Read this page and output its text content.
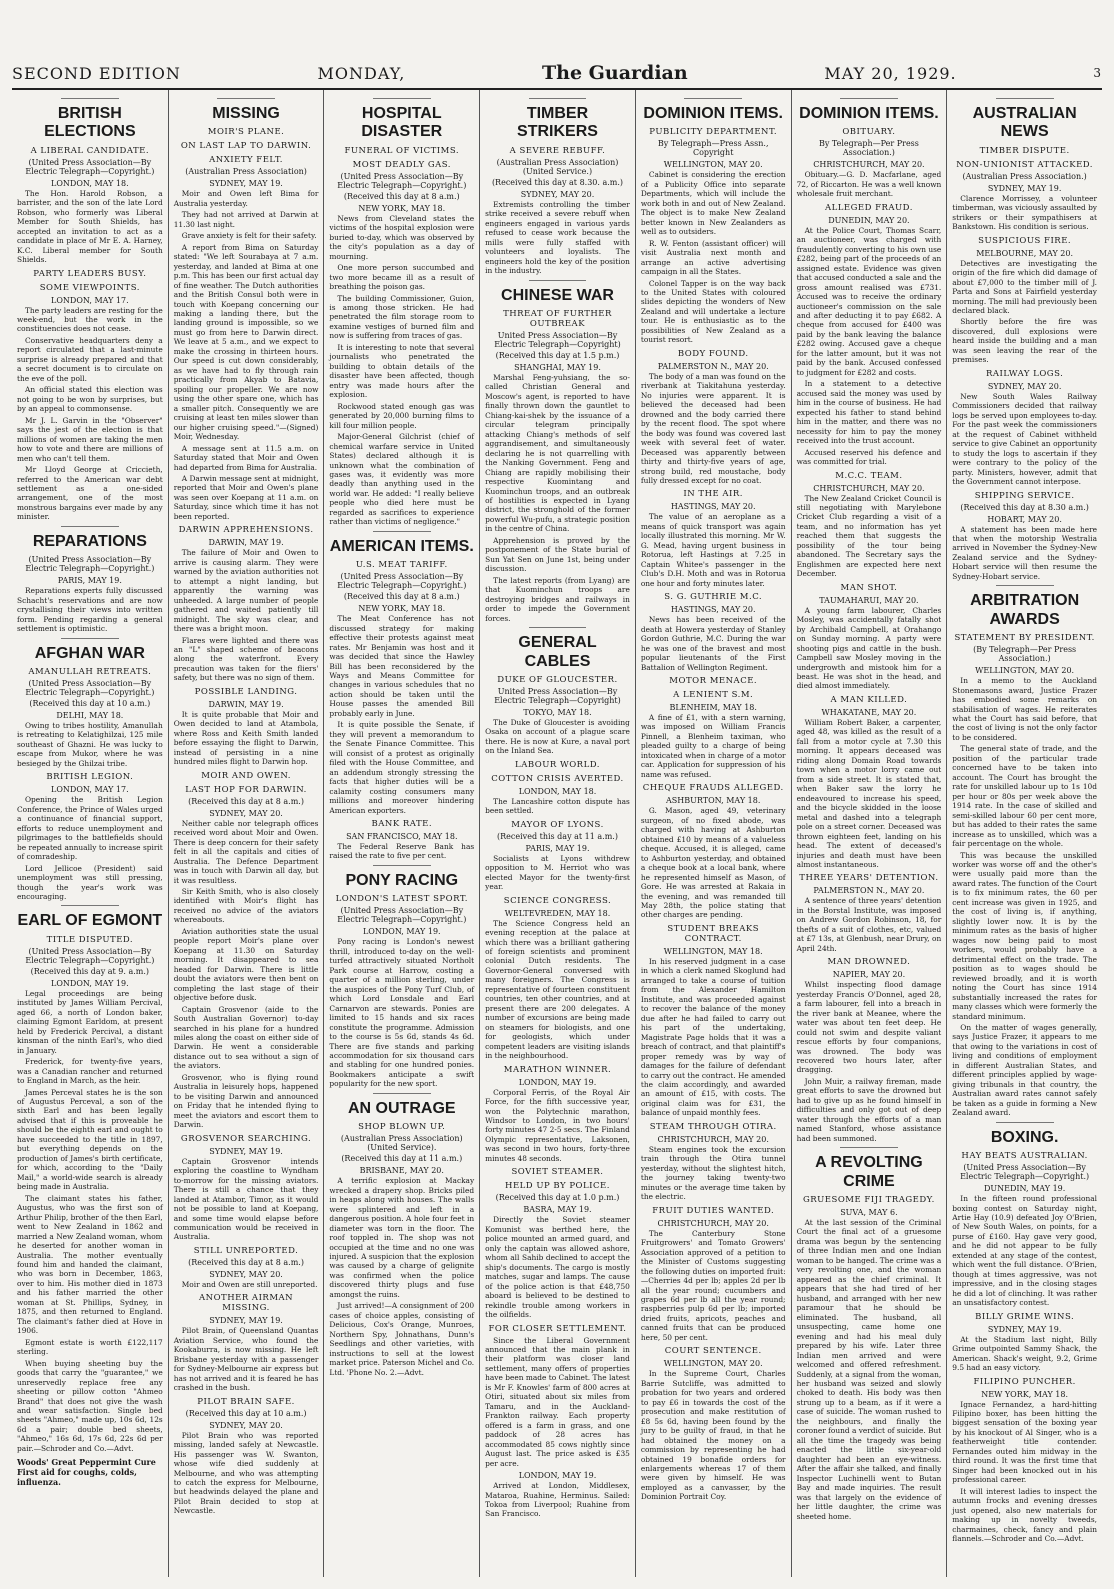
SECOND EDITION	MONDAY,	The Guardian	MAY 20, 1929.	3
BRITISH ELECTIONS
A LIBERAL CANDIDATE.
(United Press Association—By Electric Telegraph—Copyright.)
LONDON, MAY 18.

The Hon. Harold Robson, a barrister, and the son of the late Lord Robson, who formerly was Liberal Member for South Shields, has accepted an invitation to act as a candidate in place of Mr E. A. Harney, K.C. Liberal member for South Shields.

PARTY LEADERS BUSY.
SOME VIEWPOINTS.
LONDON, MAY 17.

The party leaders are resting for the week-end, but the work in the constituencies does not cease.

Conservative headquarters deny a report circulated that a last-minute surprise is already prepared and that a secret document is to circulate on the eve of the poll.

An official stated this election was not going to be won by surprises, but by an appeal to commonsense.

Mr J. L. Garvin in the "Observer" says the jest of the election is that millions of women are taking the men how to vote and there are millions of men who can't tell them.

Mr Lloyd George at Criccieth, referred to the American war debt settlement as a one-sided arrangement, one of the most monstrous bargains ever made by any minister.

REPARATIONS
(United Press Association—By Electric Telegraph—Copyright.)
PARIS, MAY 19.

Reparations experts fully discussed Schacht's reservations and are now crystallising their views into written form. Pending regarding a general settlement is optimistic.

AFGHAN WAR
AMANULLAH RETREATS.
(United Press Association—By Electric Telegraph—Copyright.)
(Received this day at 10 a.m.)
DELHI, MAY 18.

Owing to tribes hostility, Amanullah is retreating to Kelatighilzai, 125 mile southeast of Ghazni. He was lucky to escape from Mukor, where he was besieged by the Ghilzai tribe.

BRITISH LEGION.
LONDON, MAY 17.

Opening the British Legion Conference, the Prince of Wales urged a continuance of financial support, efforts to reduce unemployment and pilgrimages to the battlefields should be repeated annually to increase spirit of comradeship.

Lord Jellicoe (President) said unemployment was still pressing, though the year's work was encouraging.

EARL OF EGMONT
TITLE DISPUTED.
(United Press Association—By Electric Telegraph—Copyright.)
(Received this day at 9. a.m.)
LONDON, MAY 19.

Legal proceedings are being instituted by James William Percival, aged 66, a north of London baker, claiming Egmont Earldom, at present held by Frederick Percival, a distant kinsman of the ninth Earl's, who died in January.

Frederick, for twenty-five years, was a Canadian rancher and returned to England in March, as the heir.

James Perceval states he is the son of Augustus Perceval, a son of the sixth Earl and has been legally advised that if this is proveable he should be the eighth earl and ought to have succeeded to the title in 1897, but everything depends on the production of James's birth certificate, for which, according to the "Daily Mail," a world-wide search is already being made in Australia.

The claimant states his father, Augustus, who was the first son of Arthur Philip, brother of the then Earl, went to New Zealand in 1862 and married a New Zealand woman, whom he deserted for another woman in Australia. The mother eventually found him and handed the claimant, who was born in December, 1863, over to him. His mother died in 1873 and his father married the other woman at St. Phillips, Sydney, in 1875, and then returned to England. The claimant's father died at Hove in 1906.

Egmont estate is worth £122,117 sterling.

When buying sheeting buy the goods that carry the "guarantee," we unreservedly replace free any sheeting or pillow cotton "Ahmeo Brand" that does not give the wash and wear satisfaction. Single bed sheets "Ahmeo," made up, 10s 6d, 12s 6d a pair; double bed sheets, "Ahmeo," 16s 6d, 17s 6d, 22s 6d per pair.—Schroder and Co.—Advt.

Woods' Great Peppermint Cure First aid for coughs, colds, influenza.
MISSING
MOIR'S PLANE.
ON LAST LAP TO DARWIN.
ANXIETY FELT.
(Australian Press Association)
SYDNEY, MAY 19.

Moir and Owen left Bima for Australia yesterday.

They had not arrived at Darwin at 11.30 last night.

Grave anxiety is felt for their safety.

A report from Bima on Saturday stated: "We left Sourabaya at 7 a.m. yesterday, and landed at Bima at one p.m. This has been our first actual day of fine weather. The Dutch authorities and the British Consul both were in touch with Koepang concerning our making a landing there, but the landing ground is impossible, so we must go from here to Darwin direct. We leave at 5 a.m., and we expect to make the crossing in thirteen hours. Our speed is cut down considerably, as we have had to fly through rain practically from Akyab to Batavia, spoiling our propeller. We are now using the other spare one, which has a smaller pitch. Consequently we are cruising at least ten miles slower than our higher cruising speed."—(Signed) Moir, Wednesday.

A message sent at 11.5 a.m. on Saturday stated that Moir and Owen had departed from Bima for Australia.

A Darwin message sent at midnight, reported that Moir and Owen's plane was seen over Koepang at 11 a.m. on Saturday, since which time it has not been reported.

DARWIN APPREHENSIONS.
DARWIN, MAY 19.

The failure of Moir and Owen to arrive is causing alarm. They were warned by the aviation authorities not to attempt a night landing, but apparently the warning was unheeded. A large number of people gathered and waited patiently till midnight. The sky was clear, and there was a bright moon.

Flares were lighted and there was an "L" shaped scheme of beacons along the waterfront. Every precaution was taken for the fliers' safety, but there was no sign of them.

POSSIBLE LANDING.
DARWIN, MAY 19.

It is quite probable that Moir and Owen decided to land at Atambola, where Ross and Keith Smith landed before essaying the flight to Darwin, instead of persisting in a nine hundred miles flight to Darwin hop.

MOIR AND OWEN.
LAST HOP FOR DARWIN.
(Received this day at 8 a.m.)
SYDNEY, MAY 20.

Neither cable nor telegraph offices received word about Moir and Owen. There is deep concern for their safety felt in all the capitals and cities of Australia. The Defence Department was in touch with Darwin all day, but it was resultless.

Sir Keith Smith, who is also closely identified with Moir's flight has received no advice of the aviators whereabouts.

Aviation authorities state the usual people report Moir's plane over Koepang at 11.30 on Saturday morning. It disappeared to sea headed for Darwin. There is little doubt the aviators were then bent on completing the last stage of their objective before dusk.

Captain Grosvenor (aide to the South Australian Governor) to-day searched in his plane for a hundred miles along the coast on either side of Darwin. He went a considerable distance out to sea without a sign of the aviators.

Grosvenor, who is flying round Australia in leisurely hops, happened to be visiting Darwin and announced on Friday that he intended flying to meet the aviators and escort them to Darwin.

GROSVENOR SEARCHING.
SYDNEY, MAY 19.

Captain Grosvenor intends exploring the coastline to Wyndham to-morrow for the missing aviators. There is still a chance that they landed at Atambor, Timor, as it would not be possible to land at Koepang, and some time would elapse before communication would be received in Australia.

STILL UNREPORTED.
(Received this day at 8 a.m.)
SYDNEY, MAY 20.

Moir and Owen are still unreported.

ANOTHER AIRMAN MISSING.
SYDNEY, MAY 19.

Pilot Brain, of Queensland Quantas Aviation Service, who found the Kookaburra, is now missing. He left Brisbane yesterday with a passenger for Sydney-Melbourne air express but has not arrived and it is feared he has crashed in the bush.

PILOT BRAIN SAFE.
(Received this day at 10 a.m.)
SYDNEY, MAY 20.

Pilot Brain who was reported missing, landed safely at Newcastle. His passenger was W. Swanton, whose wife died suddenly at Melbourne, and who was attempting to catch the express for Melbourne, but headwinds delayed the plane and Pilot Brain decided to stop at Newcastle.

HOSPITAL DISASTER
FUNERAL OF VICTIMS.
MOST DEADLY GAS.
(United Press Association—By Electric Telegraph—Copyright.)
(Received this day at 8 a.m.)
NEW YORK, MAY 18.

News from Cleveland states the victims of the hospital explosion were buried to-day, which was observed by the city's population as a day of mourning.

One more person succumbed and two more became ill as a result of breathing the poison gas.

The building Commissioner, Guion, is among those stricken. He had penetrated the film storage room to examine vestiges of burned film and now is suffering from traces of gas.

It is interesting to note that several journalists who penetrated the building to obtain details of the disaster have been affected, though entry was made hours after the explosion.

Rockwood stated enough gas was generated by 20,000 burning films to kill four million people.

Major-General Gilchrist (chief of chemical warfare service in United States) declared although it is unknown what the combination of gases was, it evidently was more deadly than anything used in the world war. He added: "I really believe people who died here must be regarded as sacrifices to experience rather than victims of negligence."

AMERICAN ITEMS.
U.S. MEAT TARIFF.
(United Press Association—By Electric Telegraph—Copyright.)
(Received this day at 8 a.m.)
NEW YORK, MAY 18.

The Meat Conference has not discussed strategy for making effective their protests against meat rates. Mr Benjamin was host and it was decided that since the Hawley Bill has been reconsidered by the Ways and Means Committee for changes in various schedules that no action should be taken until the House passes the amended Bill probably early in June.

It is quite possible the Senate, if they will prevent a memorandum to the Senate Finance Committee. This will consist of a protest as originally filed with the House Committee, and an addendum strongly stressing the facts that higher duties will be a calamity costing consumers many millions and moreover hindering American exporters.

BANK RATE.
SAN FRANCISCO, MAY 18.

The Federal Reserve Bank has raised the rate to five per cent.

PONY RACING
LONDON'S LATEST SPORT.
(United Press Association—By Electric Telegraph—Copyright.)
LONDON, MAY 19.

Pony racing is London's newest thrill, introduced to-day on the well-turfed attractively situated Northolt Park course at Harrow, costing a quarter of a million sterling, under the auspices of the Pony Turf Club, of which Lord Lonsdale and Earl Carnarvon are stewards. Ponies are limited to 15 hands and six races constitute the programme. Admission to the course is 5s 6d, stands 4s 6d. There are five stands and parking accommodation for six thousand cars and stabling for one hundred ponies. Bookmakers anticipate a swift popularity for the new sport.

AN OUTRAGE
SHOP BLOWN UP.
(Australian Press Association) (United Service).
(Received this day at 11 a.m.)
BRISBANE, MAY 20.

A terrific explosion at Mackay wrecked a drapery shop. Bricks piled in heaps along with houses. The walls were splintered and left in a dangerous position. A hole four feet in diameter was torn in the floor. The roof toppled in. The shop was not occupied at the time and no one was injured. A suspicion that the explosion was caused by a charge of gelignite was confirmed when the police discovered thirty plugs and fuse amongst the ruins.

Just arrived!—A consignment of 200 cases of choice apples, consisting of Delicious, Cox's Orange, Munroes, Northern Spy, Johnathans, Dunn's Seedlings and other varieties, with instructions to sell at the lowest market price. Paterson Michel and Co. Ltd. 'Phone No. 2.—Advt.

TIMBER STRIKERS
A SEVERE REBUFF.
(Australian Press Association) (United Service.)
(Received this day at 8.30. a.m.)
SYDNEY, MAY 20.

Extremists controlling the timber strike received a severe rebuff when engineers engaged in various yards refused to cease work because the mills were fully staffed with volunteers and loyalists. The engineers hold the key of the position in the industry.

CHINESE WAR
THREAT OF FURTHER OUTBREAK
United Press Association—By Electric Telegraph—Copyright)
(Received this day at 1.5 p.m.)
SHANGHAI, MAY 19.

Marshal Feng-yuhsiang, the so-called Christian General and Moscow's agent, is reported to have finally thrown down the gauntlet to Chiang-kai-shek by the issuance of a circular telegram principally attacking Chiang's methods of self aggrandisement, and simultaneously declaring he is not quarrelling with the Nanking Government. Feng and Chiang are rapidly mobilising their respective Kuomintang and Kuominchun troops, and an outbreak of hostilities is expected in Lyang district, the stronghold of the former powerful Wu-pufu, a strategic position in the centre of China.

Apprehension is proved by the postponement of the State burial of Sun Yat Sen on June 1st, being under discussion.

The latest reports (from Lyang) are that Kuominchun troops are destroying bridges and railways in order to impede the Government forces.

GENERAL CABLES
DUKE OF GLOUCESTER.
United Press Association—By Electric Telegraph—Copyright)
TOKYO, MAY 18.

The Duke of Gloucester is avoiding Osaka on account of a plague scare there. He is now at Kure, a naval port on the Inland Sea.

LABOUR WORLD.
COTTON CRISIS AVERTED.
LONDON, MAY 18.

The Lancashire cotton dispute has been settled.

MAYOR OF LYONS.
(Received this day at 11 a.m.)
PARIS, MAY 19.

Socialists at Lyons withdrew opposition to M. Herriot who was elected Mayor for the twenty-first year.

SCIENCE CONGRESS.
WELTEVREDEN, MAY 18.

The Science Congress held an evening reception at the palace at which there was a brilliant gathering of foreign scientists and prominent colonial Dutch residents. The Governor-General conversed with many foreigners. The Congress is representative of fourteen constituent countries, ten other countries, and at present there are 200 delegates. A number of excursions are being made on steamers for biologists, and one for geologists, which under competent leaders are visiting islands in the neighbourhood.

MARATHON WINNER.
LONDON, MAY 19.

Corporal Ferris, of the Royal Air Force, for the fifth successive year, won the Polytechnic marathon, Windsor to London, in two hours' forty minutes 47 2-5 secs. The Finland Olympic representative, Laksonen, was second in two hours, forty-three minutes 48 seconds.

SOVIET STEAMER.
HELD UP BY POLICE.
(Received this day at 1.0 p.m.)
BASRA, MAY 19.

Directly the Soviet steamer Komunist was berthed here, the police mounted an armed guard, and only the captain was allowed ashore, whom all Sahib declined to accept the ship's documents. The cargo is mostly matches, sugar and lamps. The cause of the police action is that £48,750 aboard is believed to be destined to rekindle trouble among workers in the oilfields.

FOR CLOSER SETTLEMENT.

Since the Liberal Government announced that the main plank in their platform was closer land settlement, many offers of properties have been made to Cabinet. The latest is Mr F. Knowles' farm of 800 acres at Otiri, situated about six miles from Tamaru, and in the Auckland-Frankton railway. Each property offered is a farm in grass, and one paddock of 28 acres has accommodated 85 cows nightly since August last. The price asked is £35 per acre.

LONDON, MAY 19.

Arrived at London, Middlesex, Mataroa, Ruahine, Herminus. Sailed: Tokoa from Liverpool; Ruahine from San Francisco.

DOMINION ITEMS.
PUBLICITY DEPARTMENT.
By Telegraph—Press Assn., Copyright
WELLINGTON, MAY 20.

Cabinet is considering the erection of a Publicity Office into separate Departments, which will include the work both in and out of New Zealand. The object is to make New Zealand better known in New Zealanders as well as to outsiders.

R. W. Fenton (assistant officer) will visit Australia next month and arrange an active advertising campaign in all the States.

Colonel Tapper is on the way back to the United States with coloured slides depicting the wonders of New Zealand and will undertake a lecture tour. He is enthusiastic as to the possibilities of New Zealand as a tourist resort.

BODY FOUND.
PALMERSTON N., MAY 20.

The body of a man was found on the riverbank at Tiakitahuna yesterday. No injuries were apparent. It is believed the deceased had been drowned and the body carried there by the recent flood. The spot where the body was found was covered last week with several feet of water. Deceased was apparently between thirty and thirty-five years of age, strong build, red moustache, body fully dressed except for no coat.

IN THE AIR.
HASTINGS, MAY 20.

The value of an aeroplane as a means of quick transport was again locally illustrated this morning. Mr W. G. Mead, having urgent business in Rotorua, left Hastings at 7.25 in Captain Whitee's passenger in the Club's D.H. Moth and was in Rotorua one hour and forty minutes later.

S. G. GUTHRIE M.C.
HASTINGS, MAY 20.

News has been received of the death at Howera yesterday of Stanley Gordon Guthrie, M.C. During the war he was one of the bravest and most popular lieutenants of the First Battalion of Wellington Regiment.

MOTOR MENACE.
A LENIENT S.M.
BLENHEIM, MAY 18.

A fine of £1, with a stern warning, was imposed on William Francis Pinnell, a Blenheim taximan, who pleaded guilty to a charge of being intoxicated when in charge of a motor car. Application for suppression of his name was refused.

CHEQUE FRAUDS ALLEGED.
ASHBURTON, MAY 18.

G. Mason, aged 49, veterinary surgeon, of no fixed abode, was charged with having at Ashburton obtained £10 by means of a valueless cheque. Accused, it is alleged, came to Ashburton yesterday, and obtained a cheque book at a local bank, where he represented himself as Mason, of Gore. He was arrested at Rakaia in the evening, and was remanded till May 28th, the police stating that other charges are pending.

STUDENT BREAKS CONTRACT.
WELLINGTON, MAY 18.

In his reserved judgment in a case in which a clerk named Skoglund had arranged to take a course of tuition from the Alexander Hamilton Institute, and was proceeded against to recover the balance of the money due after he had failed to carry out his part of the undertaking, Magistrate Page holds that it was a breach of contract, and that plaintiff's proper remedy was by way of damages for the failure of defendant to carry out the contract. He amended the claim accordingly, and awarded an amount of £15, with costs. The original claim was for £31, the balance of unpaid monthly fees.

STEAM THROUGH OTIRA.
CHRISTCHURCH, MAY 20.

Steam engines took the excursion train through the Otira tunnel yesterday, without the slightest hitch, the journey taking twenty-two minutes or the average time taken by the electric.

FRUIT DUTIES WANTED.
CHRISTCHURCH, MAY 20.

The Canterbury Stone Fruitgrowers' and Tomato Growers' Association approved of a petition to the Minister of Customs suggesting the following duties on imported fruit:—Cherries 4d per lb; apples 2d per lb all the year round; cucumbers and grapes 6d per lb all the year round; raspberries pulp 6d per lb; imported dried fruits, apricots, peaches and canned fruits that can be produced here, 50 per cent.

COURT SENTENCE.
WELLINGTON, MAY 20.

In the Supreme Court, Charles Barrie Sutcliffe, was admitted to probation for two years and ordered to pay £6 in towards the cost of the prosecution and make restitution of £8 5s 6d, having been found by the jury to be guilty of fraud, in that he had obtained the money on a commission by representing he had obtained 19 bonafide orders for enlargements whereas 17 of them were given by himself. He was employed as a canvasser, by the Dominion Portrait Coy.

DOMINION ITEMS.
OBITUARY.
By Telegraph—Per Press Association.)
CHRISTCHURCH, MAY 20.

Obituary.—G. D. Macfarlane, aged 72, of Riccarton. He was a well known wholesale fruit merchant.

ALLEGED FRAUD.
DUNEDIN, MAY 20.

At the Police Court, Thomas Scarr, an auctioneer, was charged with fraudulently converting to his own use £282, being part of the proceeds of an assigned estate. Evidence was given that accused conducted a sale and the gross amount realised was £731. Accused was to receive the ordinary auctioneer's commission on the sale and after deducting it to pay £682. A cheque from accused for £400 was paid by the bank leaving the balance £282 owing. Accused gave a cheque for the latter amount, but it was not paid by the bank. Accused confessed to judgment for £282 and costs.

In a statement to a detective accused said the money was used by him in the course of business. He had expected his father to stand behind him in the matter, and there was no necessity for him to pay the money received into the trust account.

Accused reserved his defence and was committed for trial.

M.C.C. TEAM.
CHRISTCHURCH, MAY 20.

The New Zealand Cricket Council is still negotiating with Marylebone Cricket Club regarding a visit of a team, and no information has yet reached them that suggests the possibility of the tour being abandoned. The Secretary says the Englishmen are expected here next December.

MAN SHOT.
TAUMAHARUI, MAY 20.

A young farm labourer, Charles Mosley, was accidentally fatally shot by Archibald Campbell, at Orahango on Sunday morning. A party were shooting pigs and cattle in the bush. Campbell saw Mosley moving in the undergrowth and mistook him for a beast. He was shot in the head, and died almost immediately.

A MAN KILLED.
WHAKATANE, MAY 20.

William Robert Baker, a carpenter, aged 48, was killed as the result of a fall from a motor cycle at 7.30 this morning. It appears deceased was riding along Domain Road towards town when a motor lorry came out from a side street. It is stated that, when Baker saw the lorry he endeavoured to increase his speed, and the bicycle skidded in the loose metal and dashed into a telegraph pole on a street corner. Deceased was thrown eighteen feet, landing on his head. The extent of deceased's injuries and death must have been almost instantaneous.

THREE YEARS' DETENTION.
PALMERSTON N., MAY 20.

A sentence of three years' detention in the Borstal Institute, was imposed on Andrew Gordon Robinson, 18, for thefts of a suit of clothes, etc, valued at £7 13s, at Glenbush, near Drury, on April 24th.

MAN DROWNED.
NAPIER, MAY 20.

Whilst inspecting flood damage yesterday Francis O'Donnel, aged 28, a farm labourer, fell into a breach in the river bank at Meanee, where the water was about ten feet deep. He could not swim and despite valiant rescue efforts by four companions, was drowned. The body was recovered two hours later, after dragging.

John Muir, a railway fireman, made great efforts to save the drowned but had to give up as he found himself in difficulties and only got out of deep water through the efforts of a man named Stanford, whose assistance had been summoned.

A REVOLTING CRIME
GRUESOME FIJI TRAGEDY.
SUVA, MAY 6.

At the last session of the Criminal Court the final act of a gruesome drama was begun by the sentencing of three Indian men and one Indian woman to be hanged. The crime was a very revolting one, and the woman appeared as the chief criminal. It appears that she had tired of her husband, and arranged with her new paramour that he should be eliminated. The husband, all unsuspecting, came home one evening and had his meal duly prepared by his wife. Later three Indian men arrived and were welcomed and offered refreshment. Suddenly, at a signal from the woman, her husband was seized and slowly choked to death. His body was then strung up to a beam, as if it were a case of suicide. The woman rushed to the neighbours, and finally the coroner found a verdict of suicide. But all the time the tragedy was being enacted the little six-year-old daughter had been an eye-witness. After the affair she talked, and finally Inspector Luchinelli went to Butan Bay and made inquiries. The result was that largely on the evidence of her little daughter, the crime was sheeted home.

AUSTRALIAN NEWS
TIMBER DISPUTE.
NON-UNIONIST ATTACKED.
(Australian Press Association.)
SYDNEY, MAY 19.

Clarence Morrissey, a volunteer timberman, was viciously assaulted by strikers or their sympathisers at Bankstown. His condition is serious.

SUSPICIOUS FIRE.
MELBOURNE, MAY 20.

Detectives are investigating the origin of the fire which did damage of about £7,000 to the timber mill of J. Parta and Sons at Fairfield yesterday morning. The mill had previously been declared black.

Shortly before the fire was discovered, dull explosions were heard inside the building and a man was seen leaving the rear of the premises.

RAILWAY LOGS.
SYDNEY, MAY 20.

New South Wales Railway Commissioners decided that railway logs be served upon employees to-day. For the past week the commissioners at the request of Cabinet withheld service to give Cabinet an opportunity to study the logs to ascertain if they were contrary to the policy of the party. Ministers, however, admit that the Government cannot interpose.

SHIPPING SERVICE.
(Received this day at 8.30 a.m.)
HOBART, MAY 20.

A statement has been made here that when the motorship Westralia arrived in November the Sydney-New Zealand service and the Sydney-Hobart service will then resume the Sydney-Hobart service.

ARBITRATION AWARDS
STATEMENT BY PRESIDENT.
(By Telegraph—Per Press Association.)
WELLINGTON, MAY 20.

In a memo to the Auckland Stonemasons award, Justice Frazer has embodied some remarks on stabilisation of wages. He reiterates what the Court has said before, that the cost of living is not the only factor to be considered.

The general state of trade, and the position of the particular trade concerned have to be taken into account. The Court has brought the rate for unskilled labour up to 1s 10d per hour or 80s per week above the 1914 rate. In the case of skilled and semi-skilled labour 60 per cent more, but has added to their rates the same increase as to unskilled, which was a fair percentage on the whole.

This was because the unskilled worker was worse off and the other's were usually paid more than the award rates. The function of the Court is to fix minimum rates, the 60 per cent increase was given in 1925, and the cost of living is, if anything, slightly lower now. It is by the minimum rates as the basis of higher wages now being paid to most workers, would probably have a detrimental effect on the trade. The position as to wages should be reviewed broadly, and it is worth noting the Court has since 1914 substantially increased the rates for many classes which were formerly the standard minimum.

On the matter of wages generally, says Justice Frazer, it appears to me that owing to the variations in cost of living and conditions of employment in different Australian States, and different principles applied by wage-giving tribunals in that country, the Australian award rates cannot safely be taken as a guide in forming a New Zealand award.

BOXING.
HAY BEATS AUSTRALIAN.
(United Press Association—By Electric Telegraph—Copyright.)
DUNEDIN, MAY 19.

In the fifteen round professional boxing contest on Saturday night, Artie Hay (10.9) defeated Joy O'Brien, of New South Wales, on points, for a purse of £160. Hay gave very good, and he did not appear to be fully extended at any stage of the contest, which went the full distance. O'Brien, though at times aggressive, was not impressive, and in the closing stages he did a lot of clinching. It was rather an unsatisfactory contest.

BILLY GRIME WINS.
SYDNEY, MAY 19.

At the Stadium last night, Billy Grime outpointed Sammy Shack, the American. Shack's weight, 9.2, Grime 9.5 had an easy victory.

FILIPINO PUNCHER.
NEW YORK, MAY 18.

Ignace Fernandez, a hard-hitting Filipino boxer, has been hitting the biggest sensation of the boxing year by his knockout of Al Singer, who is a featherweight title contender. Fernandes outed him midway in the third round. It was the first time that Singer had been knocked out in his professional career.

It will interest ladies to inspect the autumn frocks and evening dresses just opened, also new materials for making up in novelty tweeds, charmaines, check, fancy and plain flannels.—Schroder and Co.—Advt.
